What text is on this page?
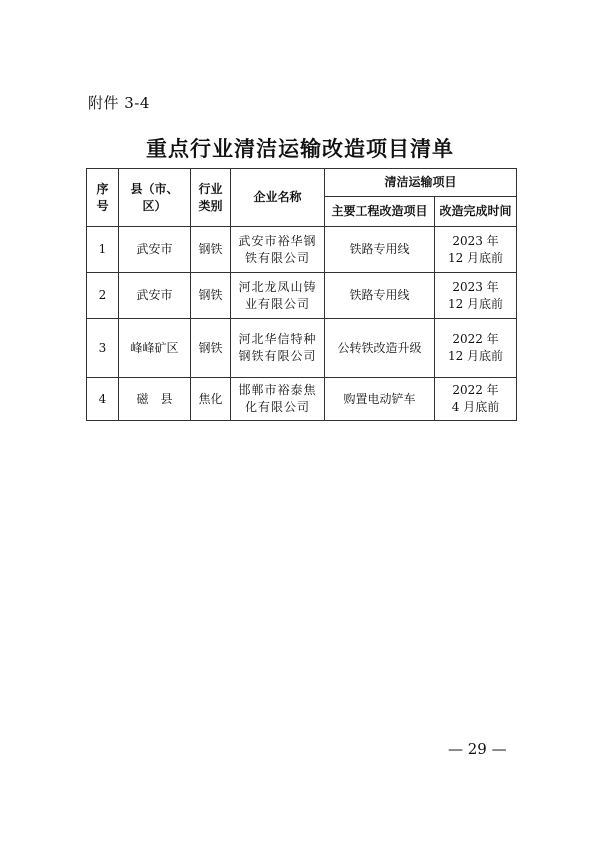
附件 3-4
重点行业清洁运输改造项目清单
序号	县（市、区）	行业类别	企业名称	清洁运输项目	
				主要工程改造项目	改造完成时间
1	武安市	钢铁	武安市裕华钢铁有限公司	铁路专用线	2023 年
12 月底前

2	武安市	钢铁	河北龙凤山铸业有限公司	铁路专用线	2023 年
12 月底前

3	峰峰矿区	钢铁	河北华信特种钢铁有限公司	公转铁改造升级	2022 年
12 月底前

4	磁　县	焦化	邯郸市裕泰焦化有限公司	购置电动铲车	2022 年
4 月底前
— 29 —
